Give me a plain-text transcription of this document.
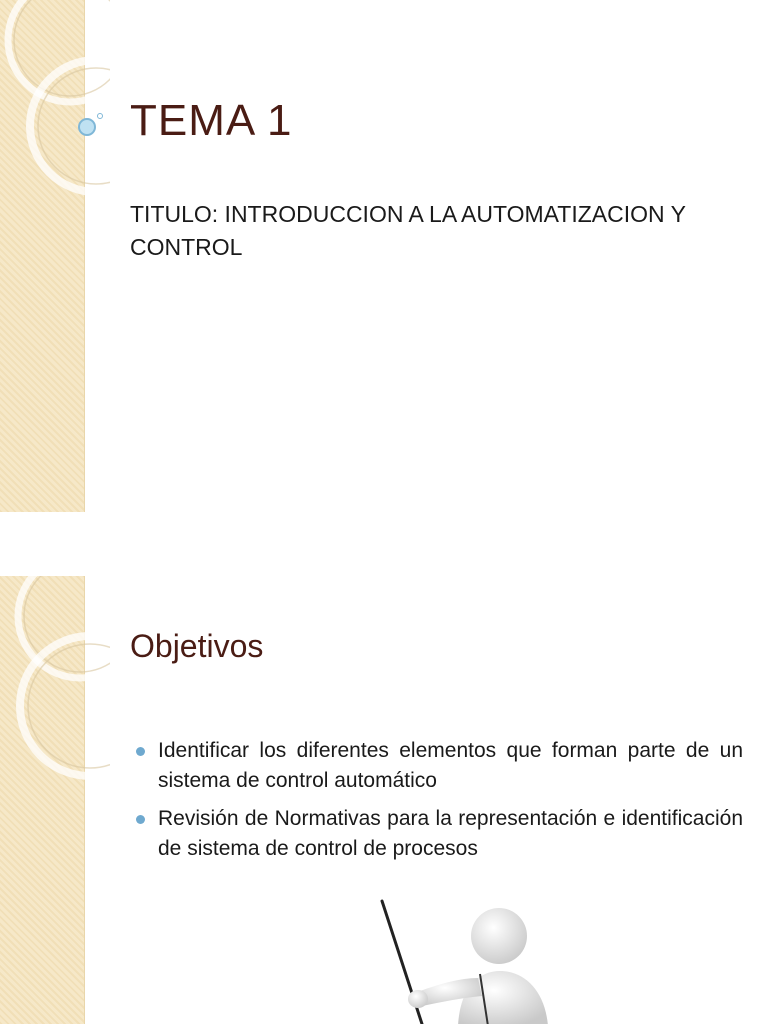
TEMA 1
TITULO: INTRODUCCION A LA AUTOMATIZACION Y CONTROL
Objetivos
Identificar los diferentes elementos que forman parte de un sistema de control automático
Revisión de Normativas para la representación e identificación de sistema de control de procesos
